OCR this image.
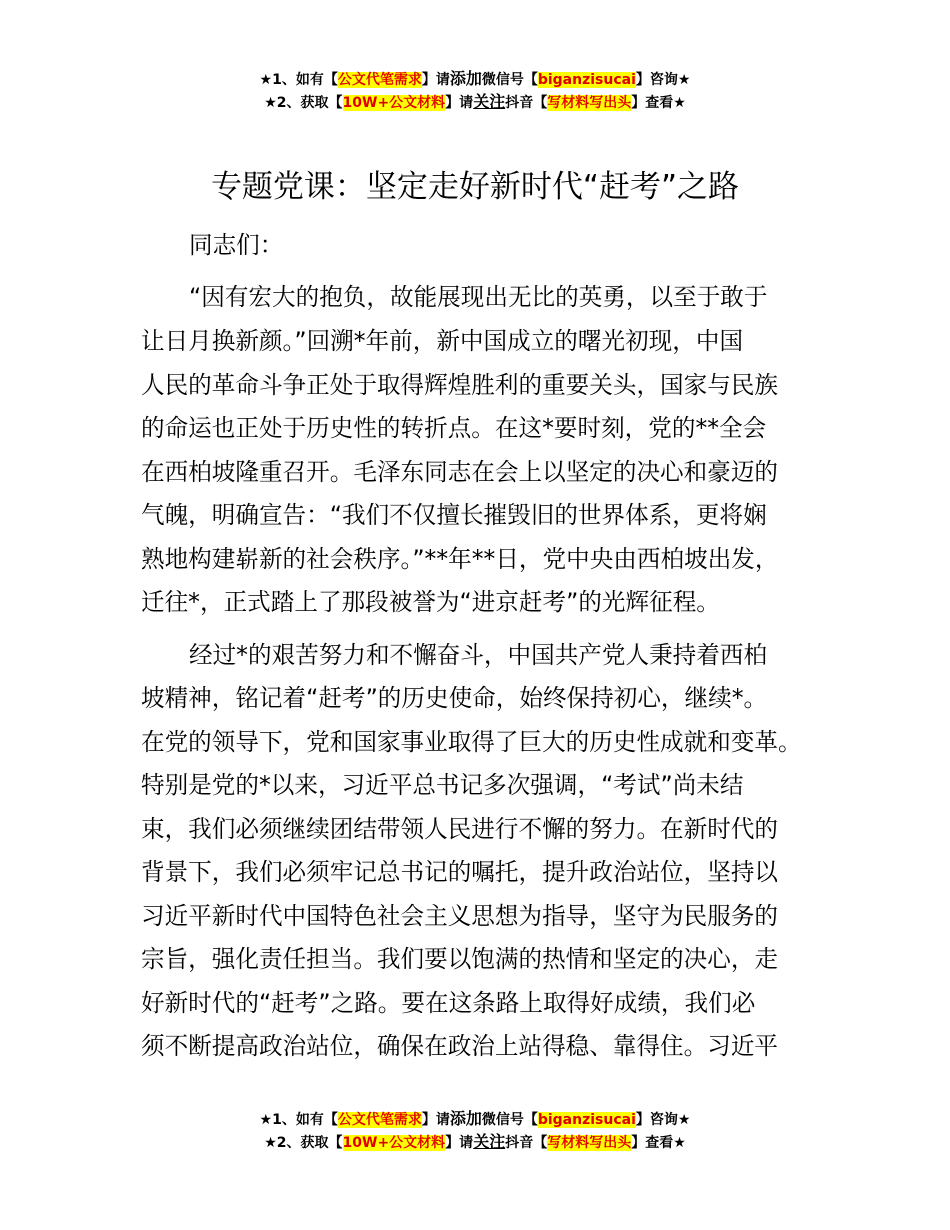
★1、如有【公文代笔需求】请添加微信号【biganzisucai】咨询★
★2、获取【10W+公文材料】请关注抖音【写材料写出头】查看★
专题党课：坚定走好新时代“赶考”之路
同志们：
“因有宏大的抱负，故能展现出无比的英勇，以至于敢于
让日月换新颜。”回溯*年前，新中国成立的曙光初现，中国
人民的革命斗争正处于取得辉煌胜利的重要关头，国家与民族
的命运也正处于历史性的转折点。在这*要时刻，党的**全会
在西柏坡隆重召开。毛泽东同志在会上以坚定的决心和豪迈的
气魄，明确宣告：“我们不仅擅长摧毁旧的世界体系，更将娴
熟地构建崭新的社会秩序。”**年**日，党中央由西柏坡出发，
迁往*，正式踏上了那段被誉为“进京赶考”的光辉征程。
经过*的艰苦努力和不懈奋斗，中国共产党人秉持着西柏
坡精神，铭记着“赶考”的历史使命，始终保持初心，继续*。
在党的领导下，党和国家事业取得了巨大的历史性成就和变革。
特别是党的*以来，习近平总书记多次强调，“考试”尚未结
束，我们必须继续团结带领人民进行不懈的努力。在新时代的
背景下，我们必须牢记总书记的嘱托，提升政治站位，坚持以
习近平新时代中国特色社会主义思想为指导，坚守为民服务的
宗旨，强化责任担当。我们要以饱满的热情和坚定的决心，走
好新时代的“赶考”之路。要在这条路上取得好成绩，我们必
须不断提高政治站位，确保在政治上站得稳、靠得住。习近平
★1、如有【公文代笔需求】请添加微信号【biganzisucai】咨询★
★2、获取【10W+公文材料】请关注抖音【写材料写出头】查看★
